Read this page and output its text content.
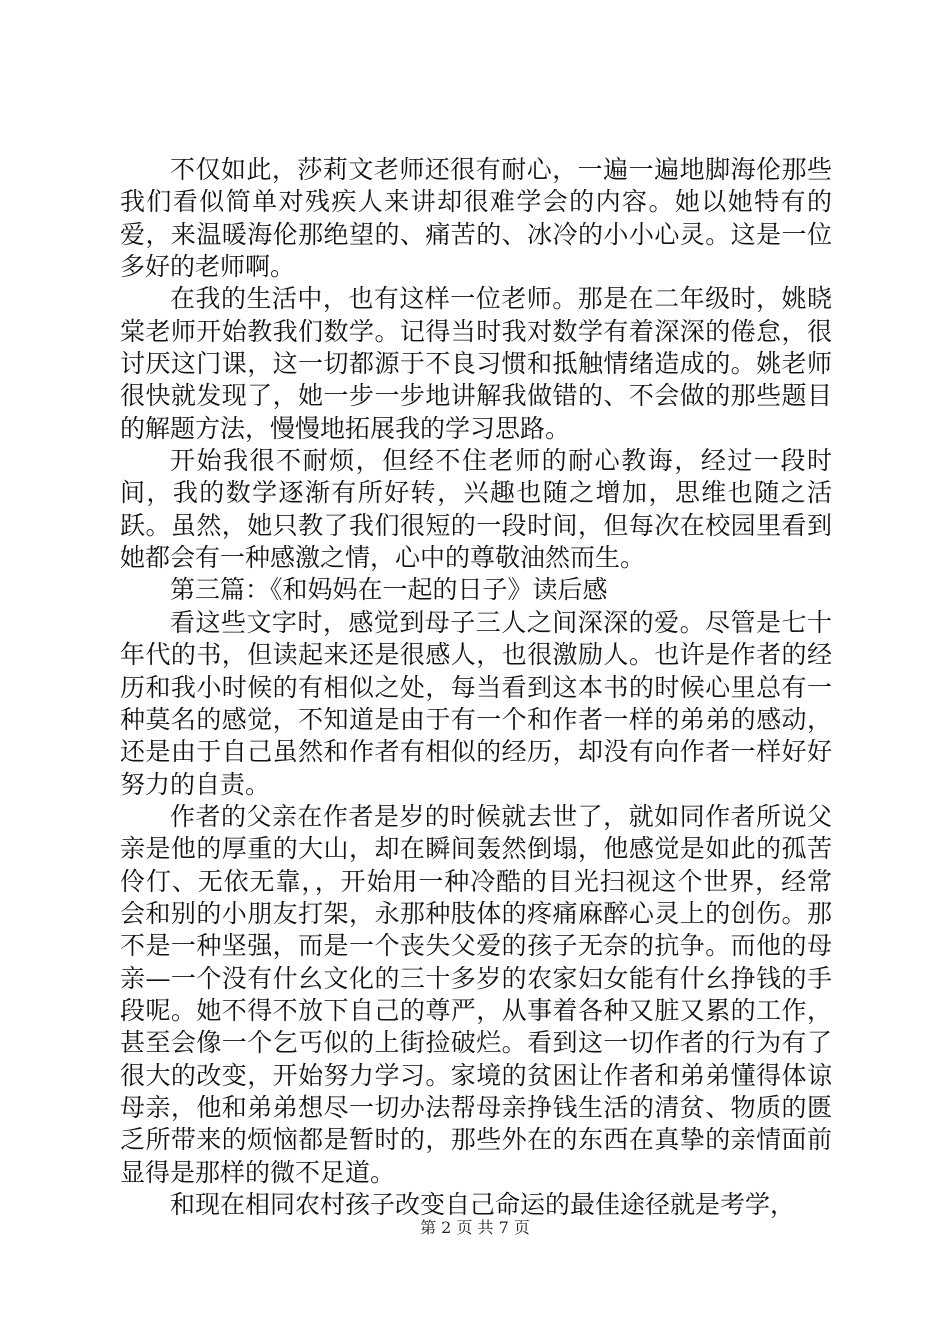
不仅如此，莎莉文老师还很有耐心，一遍一遍地脚海伦那些我们看似简单对残疾人来讲却很难学会的内容。她以她特有的爱，来温暖海伦那绝望的、痛苦的、冰冷的小小心灵。这是一位多好的老师啊。

在我的生活中，也有这样一位老师。那是在二年级时，姚晓棠老师开始教我们数学。记得当时我对数学有着深深的倦怠，很讨厌这门课，这一切都源于不良习惯和抵触情绪造成的。姚老师很快就发现了，她一步一步地讲解我做错的、不会做的那些题目的解题方法，慢慢地拓展我的学习思路。

开始我很不耐烦，但经不住老师的耐心教诲，经过一段时间，我的数学逐渐有所好转，兴趣也随之增加，思维也随之活跃。虽然，她只教了我们很短的一段时间，但每次在校园里看到她都会有一种感激之情，心中的尊敬油然而生。

第三篇：《和妈妈在一起的日子》读后感

看这些文字时，感觉到母子三人之间深深的爱。尽管是七十年代的书，但读起来还是很感人，也很激励人。也许是作者的经历和我小时候的有相似之处，每当看到这本书的时候心里总有一种莫名的感觉，不知道是由于有一个和作者一样的弟弟的感动，还是由于自己虽然和作者有相似的经历，却没有向作者一样好好努力的自责。

作者的父亲在作者是岁的时候就去世了，就如同作者所说父亲是他的厚重的大山，却在瞬间轰然倒塌，他感觉是如此的孤苦伶仃、无依无靠，，开始用一种冷酷的目光扫视这个世界，经常会和别的小朋友打架，永那种肢体的疼痛麻醉心灵上的创伤。那不是一种坚强，而是一个丧失父爱的孩子无奈的抗争。而他的母亲—一个没有什幺文化的三十多岁的农家妇女能有什幺挣钱的手段呢。她不得不放下自己的尊严，从事着各种又脏又累的工作，甚至会像一个乞丐似的上街捡破烂。看到这一切作者的行为有了很大的改变，开始努力学习。家境的贫困让作者和弟弟懂得体谅母亲，他和弟弟想尽一切办法帮母亲挣钱生活的清贫、物质的匮乏所带来的烦恼都是暂时的，那些外在的东西在真挚的亲情面前显得是那样的微不足道。

和现在相同农村孩子改变自己命运的最佳途径就是考学，

第 2 页 共 7 页
